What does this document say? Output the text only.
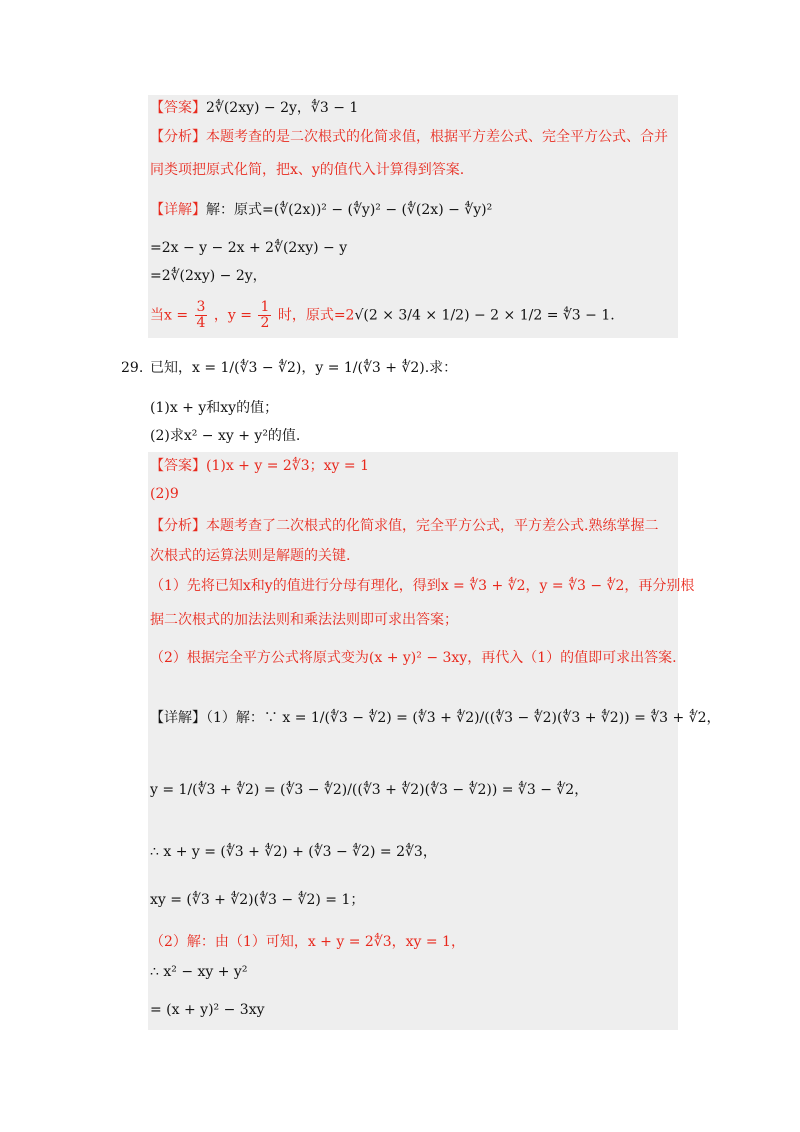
【答案】2∜(2xy) − 2y，∜3 − 1
【分析】本题考查的是二次根式的化简求值，根据平方差公式、完全平方公式、合并
同类项把原式化简，把x、y的值代入计算得到答案.
【详解】解：原式=(∜(2x))² − (∜y)² − (∜(2x) − ∜y)²
=2x − y − 2x + 2∜(2xy) − y
=2∜(2xy) − 2y，
当$x = \frac{3}{4}$ ，$y = \frac{1}{2}$ 时，原式=2√(2 × 3/4 × 1/2) − 2 × 1/2 = ∜3 − 1.
29. 已知，x = 1/(∜3 − ∜2)，y = 1/(∜3 + ∜2).求：
(1)x + y和xy的值；
(2)求x² − xy + y²的值.
【答案】(1)x + y = 2∜3；xy = 1
(2)9
【分析】本题考查了二次根式的化简求值，完全平方公式，平方差公式.熟练掌握二
次根式的运算法则是解题的关键.
（1）先将已知x和y的值进行分母有理化，得到x = ∜3 + ∜2，y = ∜3 − ∜2，再分别根
据二次根式的加法法则和乘法法则即可求出答案；
（2）根据完全平方公式将原式变为(x + y)² − 3xy，再代入（1）的值即可求出答案.
【详解】（1）解：∵ x = 1/(∜3 − ∜2) = (∜3 + ∜2)/((∜3 − ∜2)(∜3 + ∜2)) = ∜3 + ∜2，
y = 1/(∜3 + ∜2) = (∜3 − ∜2)/((∜3 + ∜2)(∜3 − ∜2)) = ∜3 − ∜2，
∴ x + y = (∜3 + ∜2) + (∜3 − ∜2) = 2∜3，
xy = (∜3 + ∜2)(∜3 − ∜2) = 1；
（2）解：由（1）可知，x + y = 2∜3，xy = 1，
∴ x² − xy + y²
= (x + y)² − 3xy
